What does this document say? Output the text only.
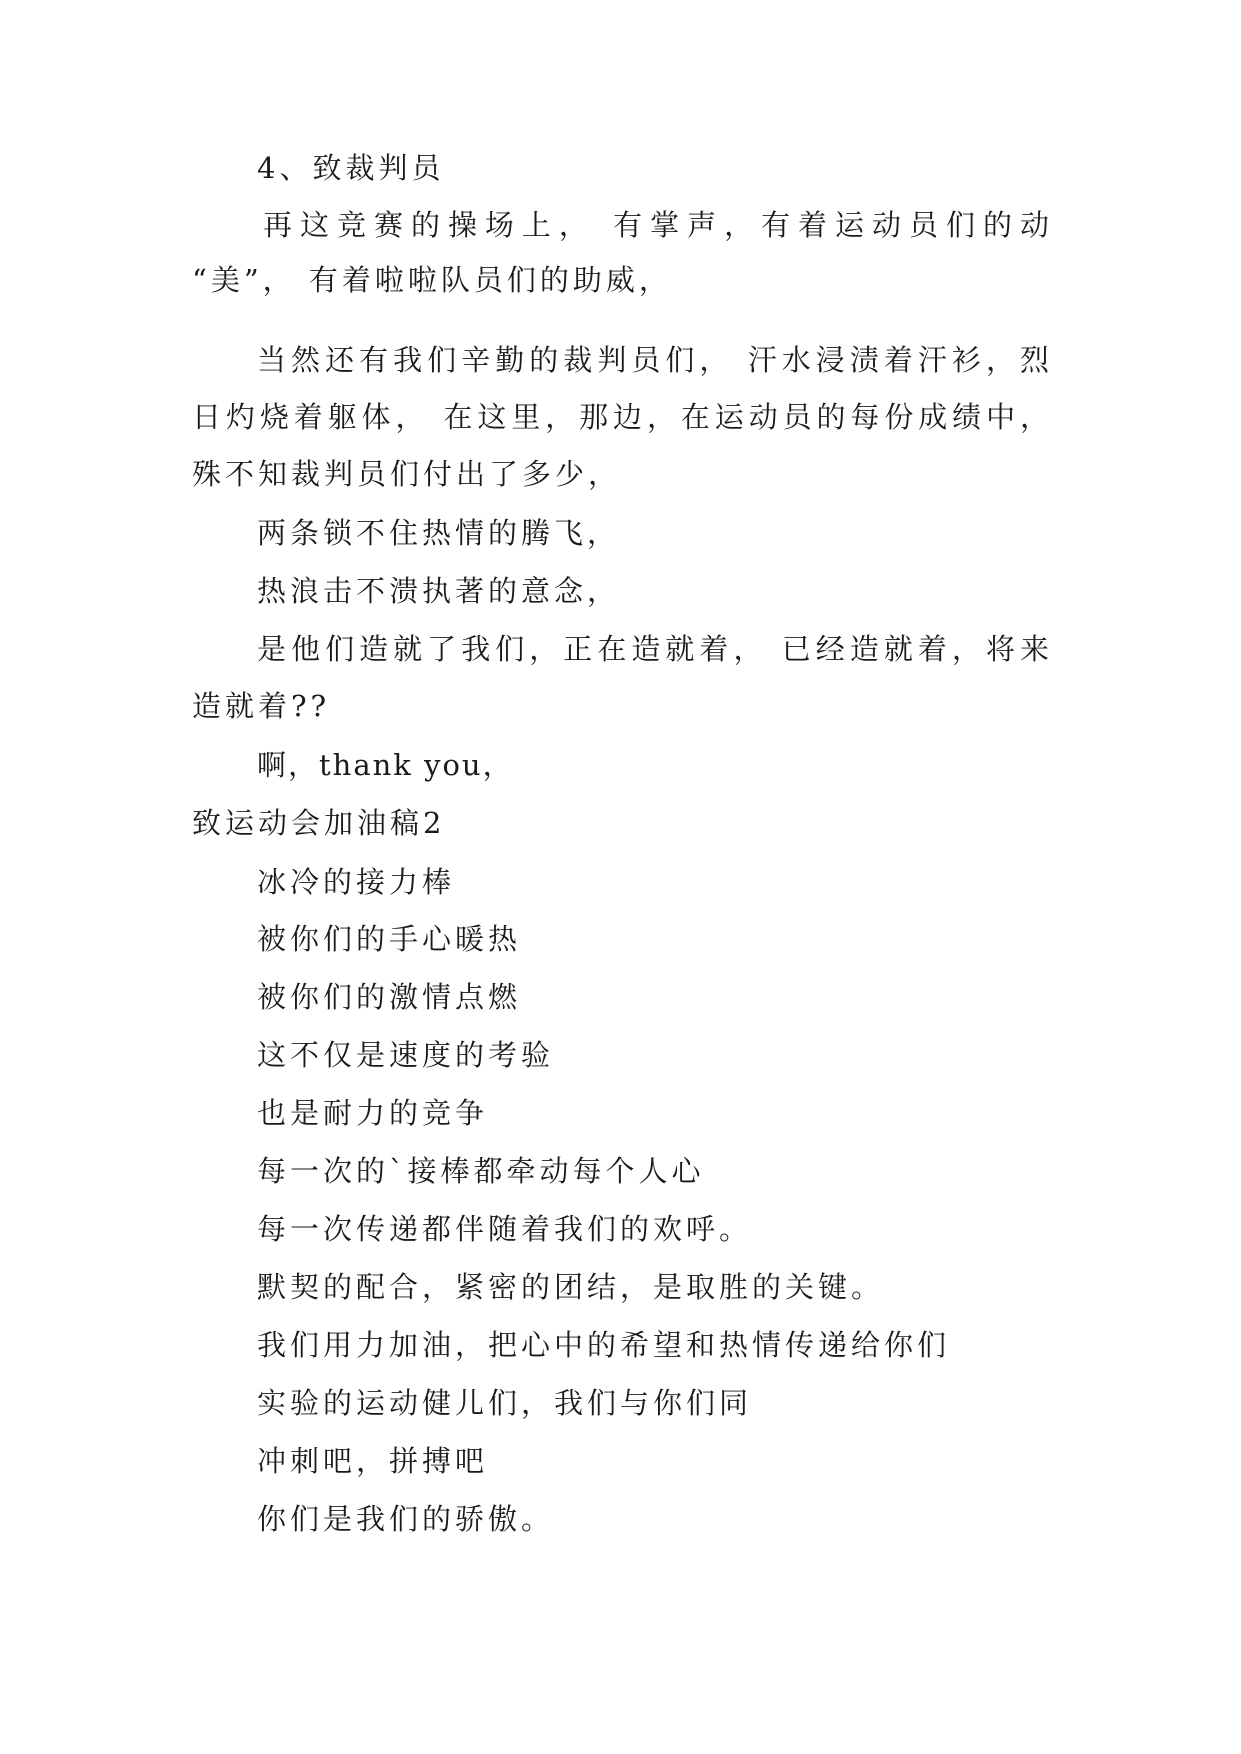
4、致裁判员
再这竞赛的操场上， 有掌声，有着运动员们的动
“美”， 有着啦啦队员们的助威，
当然还有我们辛勤的裁判员们， 汗水浸渍着汗衫，烈
日灼烧着躯体， 在这里，那边，在运动员的每份成绩中，
殊不知裁判员们付出了多少，
两条锁不住热情的腾飞，
热浪击不溃执著的意念，
是他们造就了我们，正在造就着， 已经造就着，将来
造就着??
啊，thank you，
致运动会加油稿2
冰冷的接力棒
被你们的手心暖热
被你们的激情点燃
这不仅是速度的考验
也是耐力的竞争
每一次的`接棒都牵动每个人心
每一次传递都伴随着我们的欢呼。
默契的配合，紧密的团结，是取胜的关键。
我们用力加油，把心中的希望和热情传递给你们
实验的运动健儿们，我们与你们同
冲刺吧，拼搏吧
你们是我们的骄傲。
